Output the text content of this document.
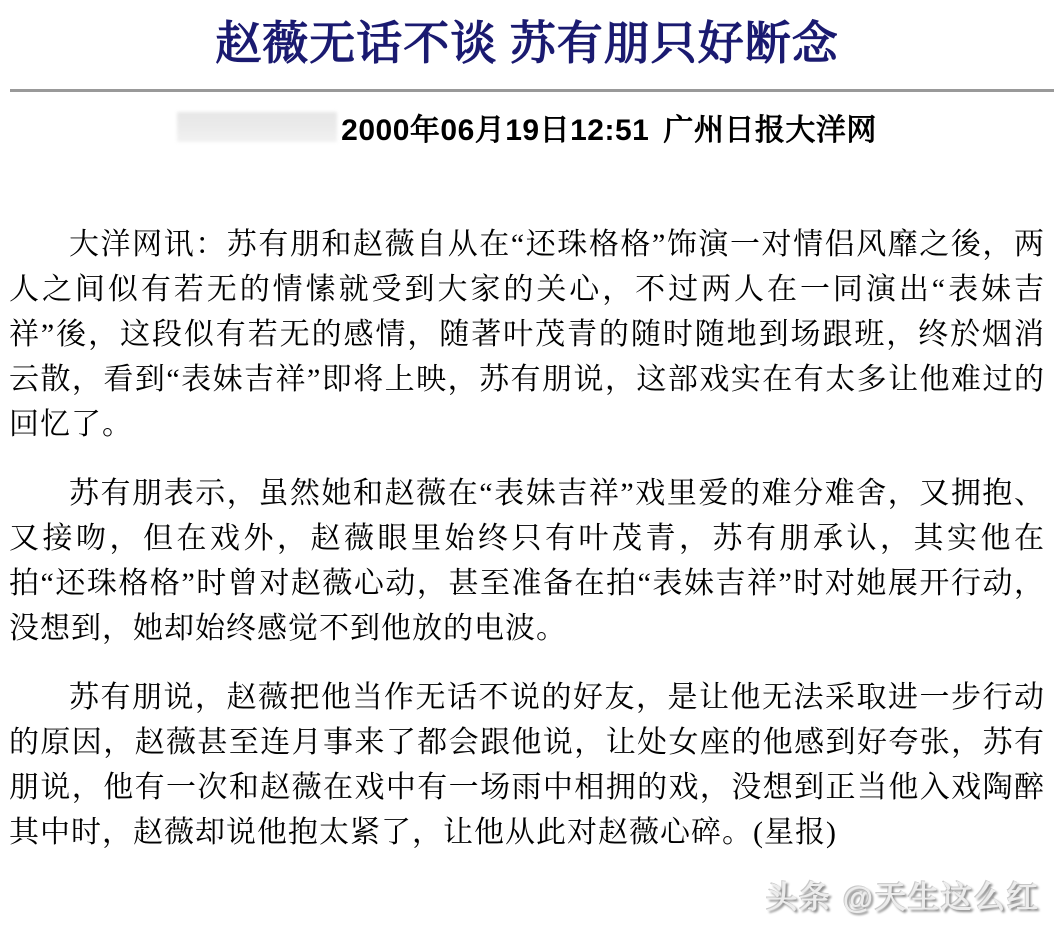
赵薇无话不谈 苏有朋只好断念
2000年06月19日12:51 广州日报大洋网

大洋网讯：苏有朋和赵薇自从在“还珠格格”饰演一对情侣风靡之後，两人之间似有若无的情愫就受到大家的关心，不过两人在一同演出“表妹吉祥”後，这段似有若无的感情，随著叶茂青的随时随地到场跟班，终於烟消云散，看到“表妹吉祥”即将上映，苏有朋说，这部戏实在有太多让他难过的回忆了。

苏有朋表示，虽然她和赵薇在“表妹吉祥”戏里爱的难分难舍，又拥抱、又接吻，但在戏外，赵薇眼里始终只有叶茂青，苏有朋承认，其实他在拍“还珠格格”时曾对赵薇心动，甚至准备在拍“表妹吉祥”时对她展开行动，没想到，她却始终感觉不到他放的电波。

苏有朋说，赵薇把他当作无话不说的好友，是让他无法采取进一步行动的原因，赵薇甚至连月事来了都会跟他说，让处女座的他感到好夸张，苏有朋说，他有一次和赵薇在戏中有一场雨中相拥的戏，没想到正当他入戏陶醉其中时，赵薇却说他抱太紧了，让他从此对赵薇心碎。(星报)

头条 @天生这么红
